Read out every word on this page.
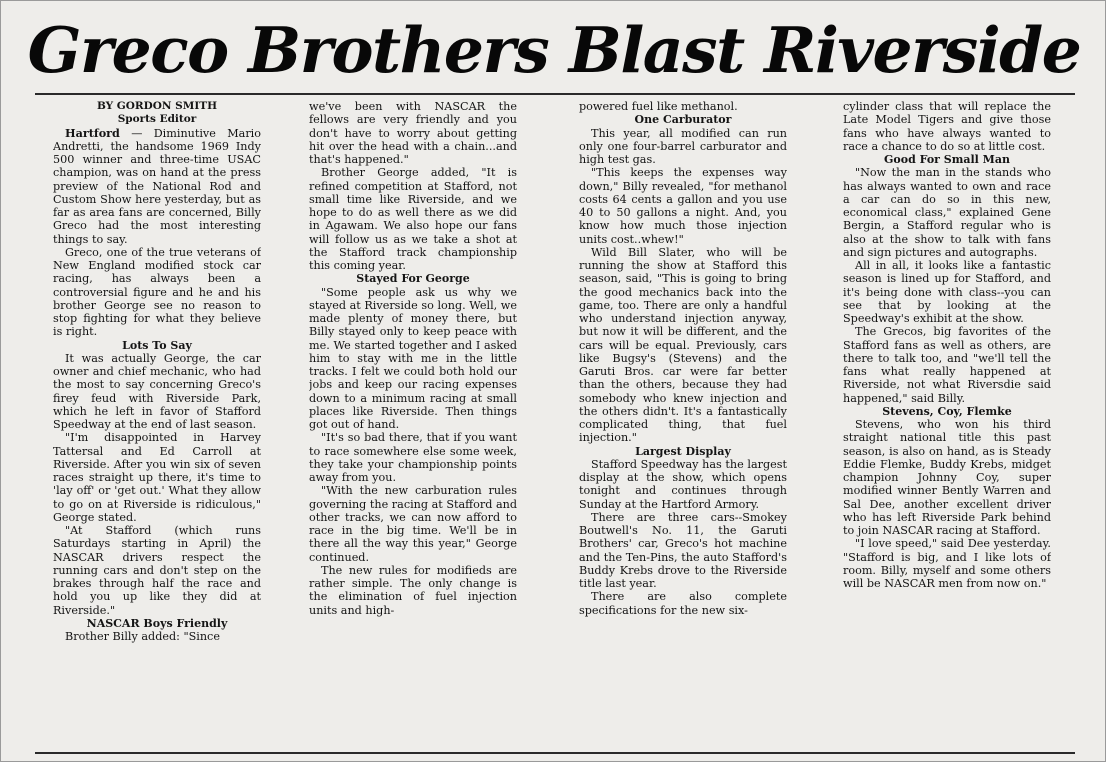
Greco Brothers Blast Riverside
BY GORDON SMITH
Sports Editor

Hartford — Diminutive Mario Andretti, the handsome 1969 Indy 500 winner and three-time USAC champion, was on hand at the press preview of the National Rod and Custom Show here yesterday, but as far as area fans are concerned, Billy Greco had the most interesting things to say.

Greco, one of the true veterans of New England modified stock car racing, has always been a controversial figure and he and his brother George see no reason to stop fighting for what they believe is right.

Lots To Say

It was actually George, the car owner and chief mechanic, who had the most to say concerning Greco's firey feud with Riverside Park, which he left in favor of Stafford Speedway at the end of last season.

"I'm disappointed in Harvey Tattersal and Ed Carroll at Riverside. After you win six of seven races straight up there, it's time to 'lay off' or 'get out.' What they allow to go on at Riverside is ridiculous," George stated.

"At Stafford (which runs Saturdays starting in April) the NASCAR drivers respect the running cars and don't step on the brakes through half the race and hold you up like they did at Riverside."

NASCAR Boys Friendly

Brother Billy added: "Since

we've been with NASCAR the fellows are very friendly and you don't have to worry about getting hit over the head with a chain...and that's happened."

Brother George added, "It is refined competition at Stafford, not small time like Riverside, and we hope to do as well there as we did in Agawam. We also hope our fans will follow us as we take a shot at the Stafford track championship this coming year.

Stayed For George

"Some people ask us why we stayed at Riverside so long. Well, we made plenty of money there, but Billy stayed only to keep peace with me. We started together and I asked him to stay with me in the little tracks. I felt we could both hold our jobs and keep our racing expenses down to a minimum racing at small places like Riverside. Then things got out of hand.

"It's so bad there, that if you want to race somewhere else some week, they take your championship points away from you.

"With the new carburation rules governing the racing at Stafford and other tracks, we can now afford to race in the big time. We'll be in there all the way this year," George continued.

The new rules for modifieds are rather simple. The only change is the elimination of fuel injection units and high-

powered fuel like methanol.

One Carburator

This year, all modified can run only one four-barrel carburator and high test gas.

"This keeps the expenses way down," Billy revealed, "for methanol costs 64 cents a gallon and you use 40 to 50 gallons a night. And, you know how much those injection units cost..whew!"

Wild Bill Slater, who will be running the show at Stafford this season, said, "This is going to bring the good mechanics back into the game, too. There are only a handful who understand injection anyway, but now it will be different, and the cars will be equal. Previously, cars like Bugsy's (Stevens) and the Garuti Bros. car were far better than the others, because they had somebody who knew injection and the others didn't. It's a fantastically complicated thing, that fuel injection."

Largest Display

Stafford Speedway has the largest display at the show, which opens tonight and continues through Sunday at the Hartford Armory.

There are three cars--Smokey Boutwell's No. 11, the Garuti Brothers' car, Greco's hot machine and the Ten-Pins, the auto Stafford's Buddy Krebs drove to the Riverside title last year.

There are also complete specifications for the new six-

cylinder class that will replace the Late Model Tigers and give those fans who have always wanted to race a chance to do so at little cost.

Good For Small Man

"Now the man in the stands who has always wanted to own and race a car can do so in this new, economical class," explained Gene Bergin, a Stafford regular who is also at the show to talk with fans and sign pictures and autographs.

All in all, it looks like a fantastic season is lined up for Stafford, and it's being done with class--you can see that by looking at the Speedway's exhibit at the show.

The Grecos, big favorites of the Stafford fans as well as others, are there to talk too, and "we'll tell the fans what really happened at Riverside, not what Riversdie said happened," said Billy.

Stevens, Coy, Flemke

Stevens, who won his third straight national title this past season, is also on hand, as is Steady Eddie Flemke, Buddy Krebs, midget champion Johnny Coy, super modified winner Bently Warren and Sal Dee, another excellent driver who has left Riverside Park behind to join NASCAR racing at Stafford.

"I love speed," said Dee yesterday. "Stafford is big, and I like lots of room. Billy, myself and some others will be NASCAR men from now on."
